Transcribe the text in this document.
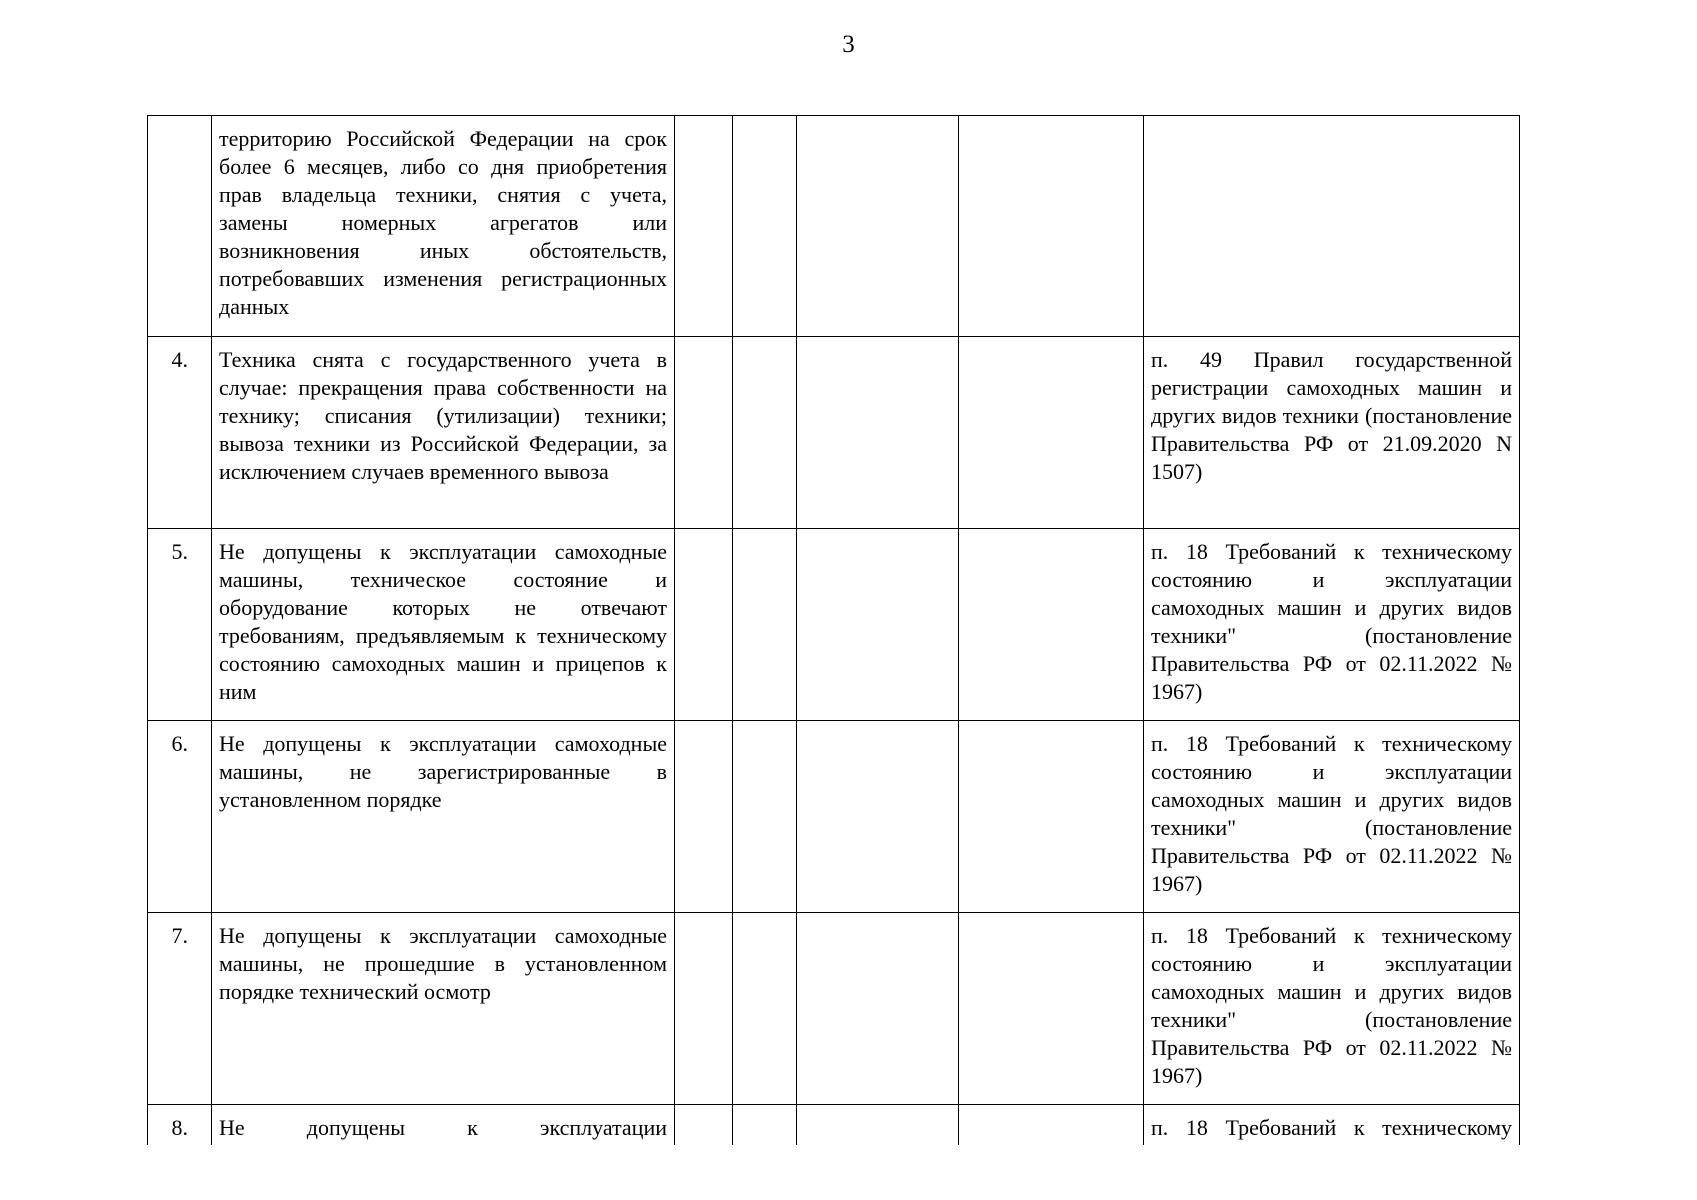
3
	территорию Российской Федерации на срок более 6 месяцев, либо со дня приобретения прав владельца техники, снятия с учета, замены номерных агрегатов или возникновения иных обстоятельств, потребовавших изменения регистрационных данных					
4.	Техника снята с государственного учета в случае: прекращения права собственности на технику; списания (утилизации) техники; вывоза техники из Российской Федерации, за исключением случаев временного вывоза					п. 49 Правил государственной регистрации самоходных машин и других видов техники (постановление Правительства РФ от 21.09.2020 N 1507)
5.	Не допущены к эксплуатации самоходные машины, техническое состояние и оборудование которых не отвечают требованиям, предъявляемым к техническому состоянию самоходных машин и прицепов к ним					п. 18 Требований к техническому состоянию и эксплуатации самоходных машин и других видов техники" (постановление Правительства РФ от 02.11.2022 № 1967)
6.	Не допущены к эксплуатации самоходные машины, не зарегистрированные в установленном порядке					п. 18 Требований к техническому состоянию и эксплуатации самоходных машин и других видов техники" (постановление Правительства РФ от 02.11.2022 № 1967)
7.	Не допущены к эксплуатации самоходные машины, не прошедшие в установленном порядке технический осмотр					п. 18 Требований к техническому состоянию и эксплуатации самоходных машин и других видов техники" (постановление Правительства РФ от 02.11.2022 № 1967)
8.	Не допущены к эксплуатации					п. 18 Требований к техническому
